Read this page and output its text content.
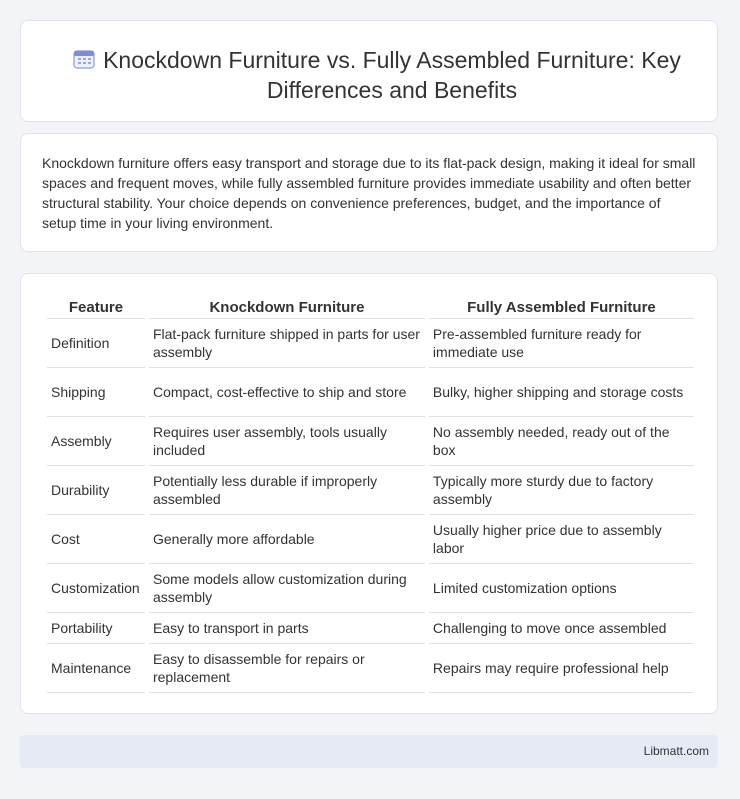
Knockdown Furniture vs. Fully Assembled Furniture: Key Differences and Benefits

Knockdown furniture offers easy transport and storage due to its flat-pack design, making it ideal for small spaces and frequent moves, while fully assembled furniture provides immediate usability and often better structural stability. Your choice depends on convenience preferences, budget, and the importance of setup time in your living environment.

Feature	Knockdown Furniture	Fully Assembled Furniture
Definition	Flat-pack furniture shipped in parts for user assembly	Pre-assembled furniture ready for immediate use
Shipping	Compact, cost-effective to ship and store	Bulky, higher shipping and storage costs
Assembly	Requires user assembly, tools usually included	No assembly needed, ready out of the box
Durability	Potentially less durable if improperly assembled	Typically more sturdy due to factory assembly
Cost	Generally more affordable	Usually higher price due to assembly labor
Customization	Some models allow customization during assembly	Limited customization options
Portability	Easy to transport in parts	Challenging to move once assembled
Maintenance	Easy to disassemble for repairs or replacement	Repairs may require professional help
Libmatt.com
